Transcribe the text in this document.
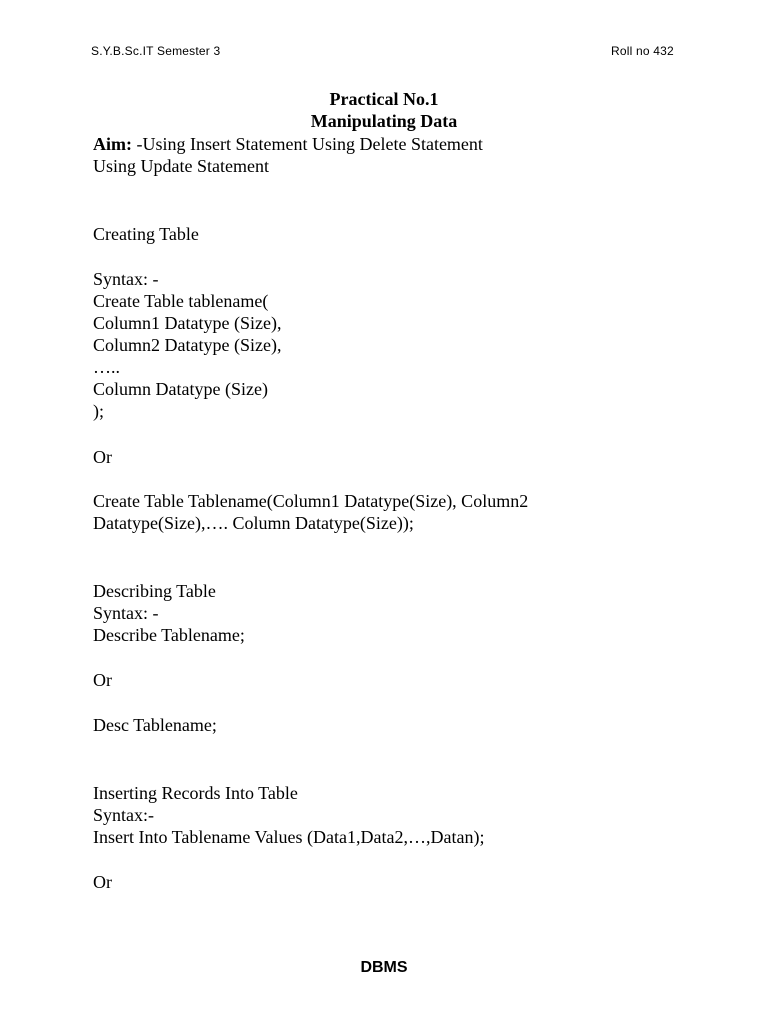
S.Y.B.Sc.IT Semester 3	Roll no 432
Practical No.1
Manipulating Data
Aim: -Using Insert Statement Using Delete Statement
Using Update Statement
Creating Table
Syntax: -
Create Table tablename(
Column1 Datatype (Size),
Column2 Datatype (Size),
…..
Column Datatype (Size)
);
Or
Create Table Tablename(Column1 Datatype(Size), Column2
Datatype(Size),…. Column Datatype(Size));
Describing Table
Syntax: -
Describe Tablename;
Or
Desc Tablename;
Inserting Records Into Table
Syntax:-
Insert Into Tablename Values (Data1,Data2,…,Datan);
Or
DBMS
